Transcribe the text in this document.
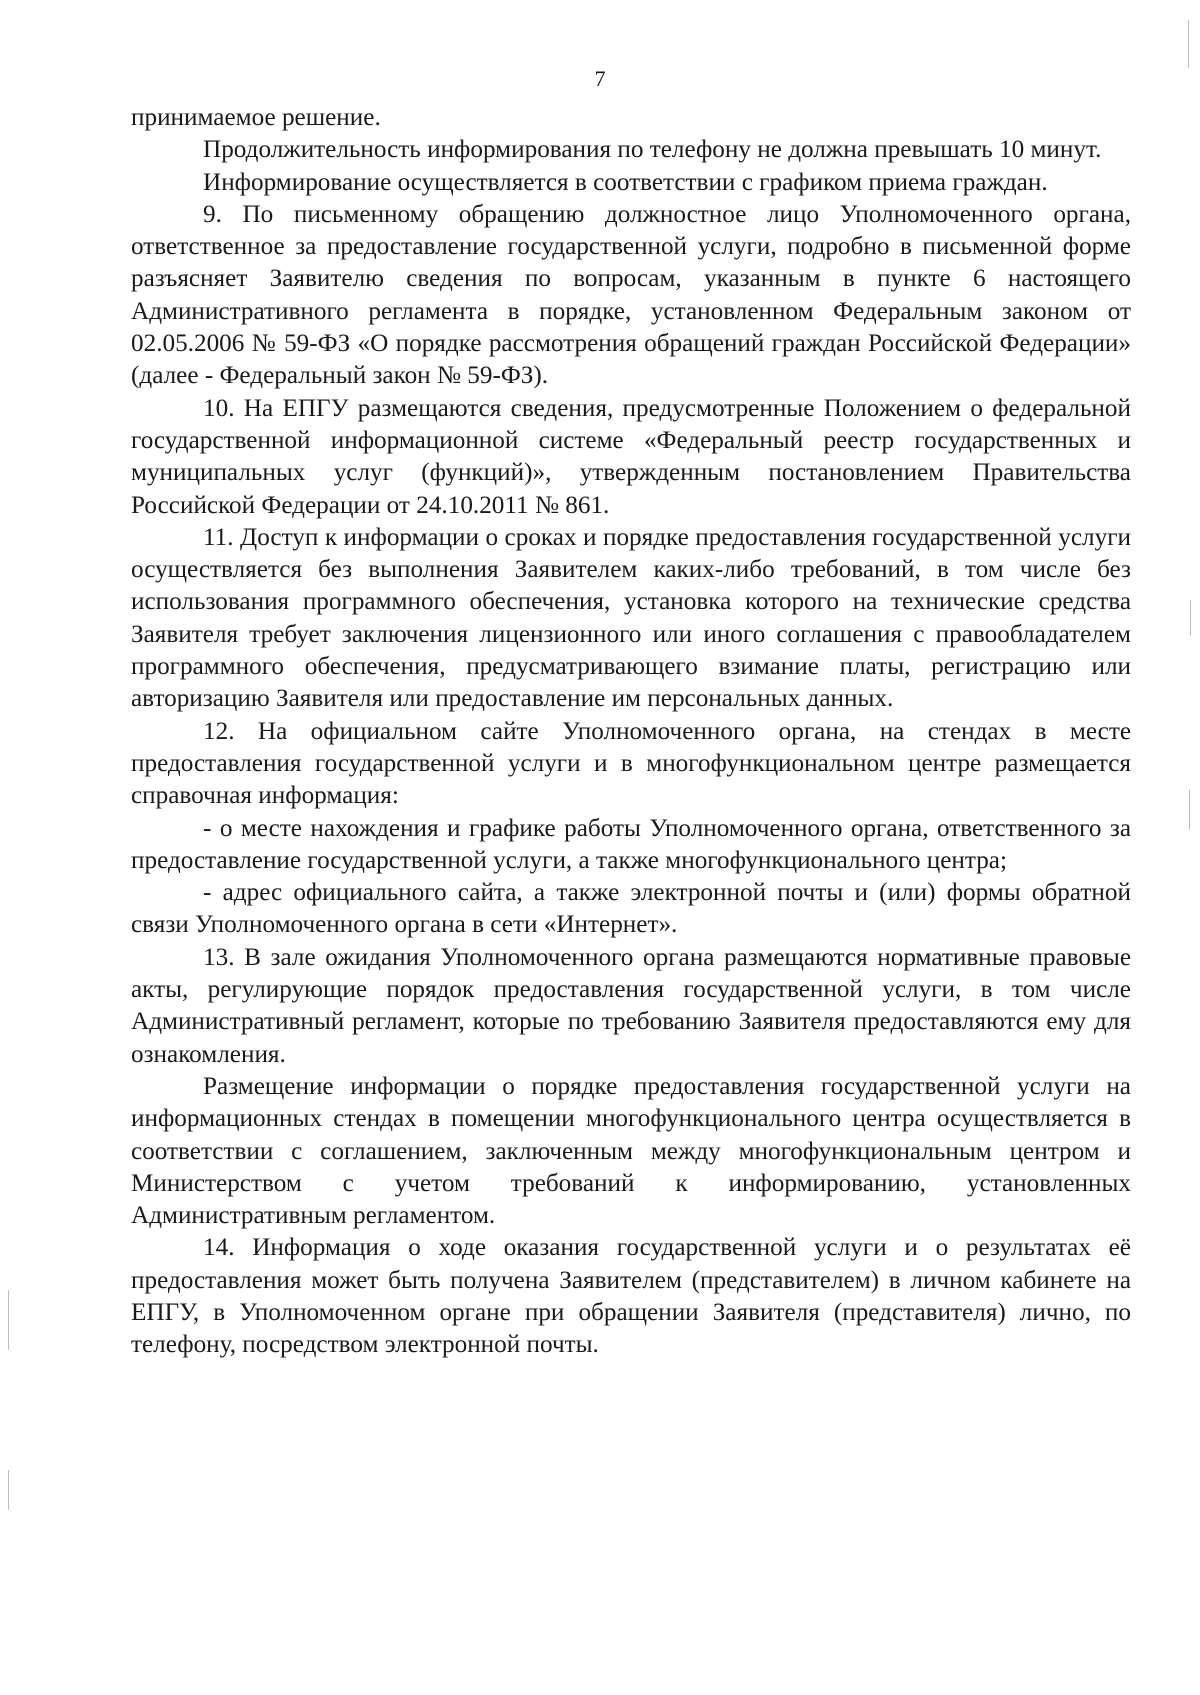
7

принимаемое решение.

Продолжительность информирования по телефону не должна превышать 10 минут.

Информирование осуществляется в соответствии с графиком приема граждан.

9. По письменному обращению должностное лицо Уполномоченного органа, ответственное за предоставление государственной услуги, подробно в письменной форме разъясняет Заявителю сведения по вопросам, указанным в пункте 6 настоящего Административного регламента в порядке, установленном Федеральным законом от 02.05.2006 № 59-ФЗ «О порядке рассмотрения обращений граждан Российской Федерации» (далее - Федеральный закон № 59-ФЗ).

10. На ЕПГУ размещаются сведения, предусмотренные Положением о федеральной государственной информационной системе «Федеральный реестр государственных и муниципальных услуг (функций)», утвержденным постановлением Правительства Российской Федерации от 24.10.2011 № 861.

11. Доступ к информации о сроках и порядке предоставления государственной услуги осуществляется без выполнения Заявителем каких-либо требований, в том числе без использования программного обеспечения, установка которого на технические средства Заявителя требует заключения лицензионного или иного соглашения с правообладателем программного обеспечения, предусматривающего взимание платы, регистрацию или авторизацию Заявителя или предоставление им персональных данных.

12. На официальном сайте Уполномоченного органа, на стендах в месте предоставления государственной услуги и в многофункциональном центре размещается справочная информация:

- о месте нахождения и графике работы Уполномоченного органа, ответственного за предоставление государственной услуги, а также многофункционального центра;

- адрес официального сайта, а также электронной почты и (или) формы обратной связи Уполномоченного органа в сети «Интернет».

13. В зале ожидания Уполномоченного органа размещаются нормативные правовые акты, регулирующие порядок предоставления государственной услуги, в том числе Административный регламент, которые по требованию Заявителя предоставляются ему для ознакомления.

Размещение информации о порядке предоставления государственной услуги на информационных стендах в помещении многофункционального центра осуществляется в соответствии с соглашением, заключенным между многофункциональным центром и Министерством с учетом требований к информированию, установленных Административным регламентом.

14. Информация о ходе оказания государственной услуги и о результатах её предоставления может быть получена Заявителем (представителем) в личном кабинете на ЕПГУ, в Уполномоченном органе при обращении Заявителя (представителя) лично, по телефону, посредством электронной почты.
